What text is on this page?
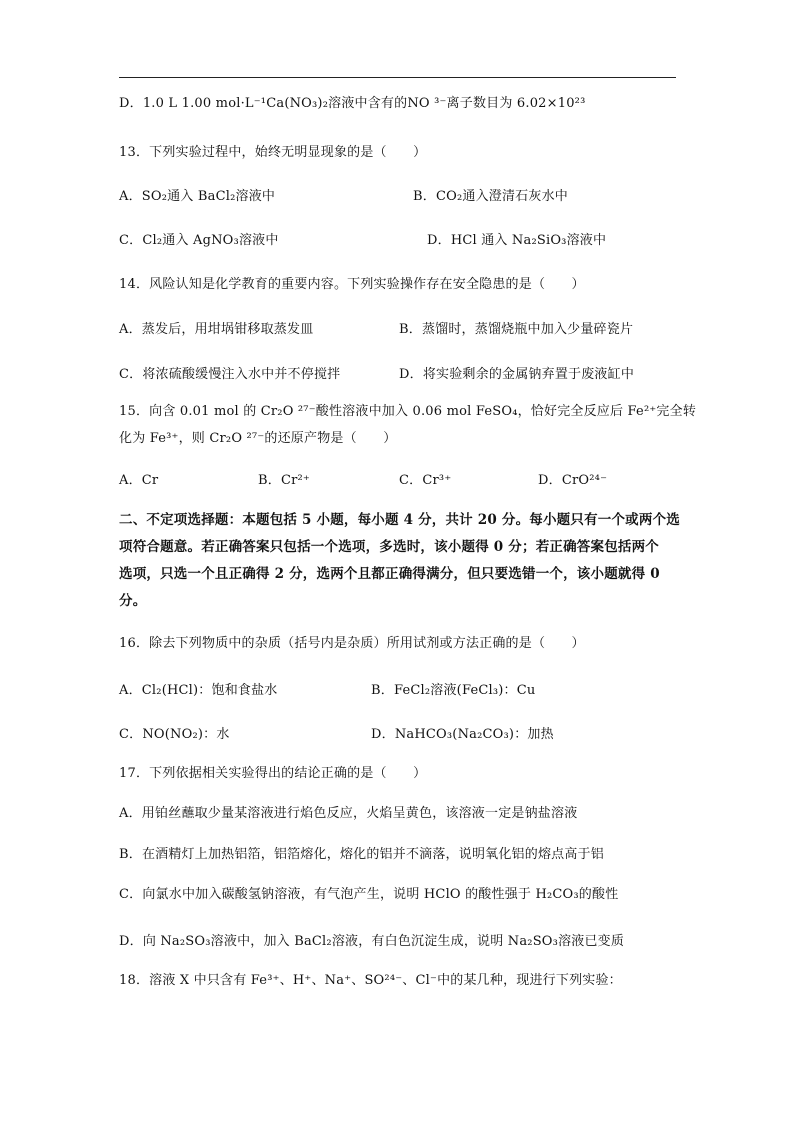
D．1.0 L 1.00 mol·L⁻¹Ca(NO₃)₂溶液中含有的NO ³⁻离子数目为 6.02×10²³
13．下列实验过程中，始终无明显现象的是（　　）
A．SO₂通入 BaCl₂溶液中	B．CO₂通入澄清石灰水中
C．Cl₂通入 AgNO₃溶液中	D．HCl 通入 Na₂SiO₃溶液中
14．风险认知是化学教育的重要内容。下列实验操作存在安全隐患的是（　　）
A．蒸发后，用坩埚钳移取蒸发皿	B．蒸馏时，蒸馏烧瓶中加入少量碎瓷片
C．将浓硫酸缓慢注入水中并不停搅拌	D．将实验剩余的金属钠弃置于废液缸中
15．向含 0.01 mol 的 Cr₂O ²⁷⁻酸性溶液中加入 0.06 mol FeSO₄，恰好完全反应后 Fe²⁺完全转
化为 Fe³⁺，则 Cr₂O ²⁷⁻的还原产物是（　　）
A．Cr	B．Cr²⁺	C．Cr³⁺	D．CrO²⁴⁻
二、不定项选择题：本题包括 5 小题，每小题 4 分，共计 20 分。每小题只有一个或两个选
项符合题意。若正确答案只包括一个选项，多选时，该小题得 0 分；若正确答案包括两个
选项，只选一个且正确得 2 分，选两个且都正确得满分，但只要选错一个，该小题就得 0
分。
16．除去下列物质中的杂质（括号内是杂质）所用试剂或方法正确的是（　　）
A．Cl₂(HCl)：饱和食盐水	B．FeCl₂溶液(FeCl₃)：Cu
C．NO(NO₂)：水	D．NaHCO₃(Na₂CO₃)：加热
17．下列依据相关实验得出的结论正确的是（　　）
A．用铂丝蘸取少量某溶液进行焰色反应，火焰呈黄色，该溶液一定是钠盐溶液
B．在酒精灯上加热铝箔，铝箔熔化，熔化的铝并不滴落，说明氧化铝的熔点高于铝
C．向氯水中加入碳酸氢钠溶液，有气泡产生，说明 HClO 的酸性强于 H₂CO₃的酸性
D．向 Na₂SO₃溶液中，加入 BaCl₂溶液，有白色沉淀生成，说明 Na₂SO₃溶液已变质
18．溶液 X 中只含有 Fe³⁺、H⁺、Na⁺、SO²⁴⁻、Cl⁻中的某几种，现进行下列实验：
